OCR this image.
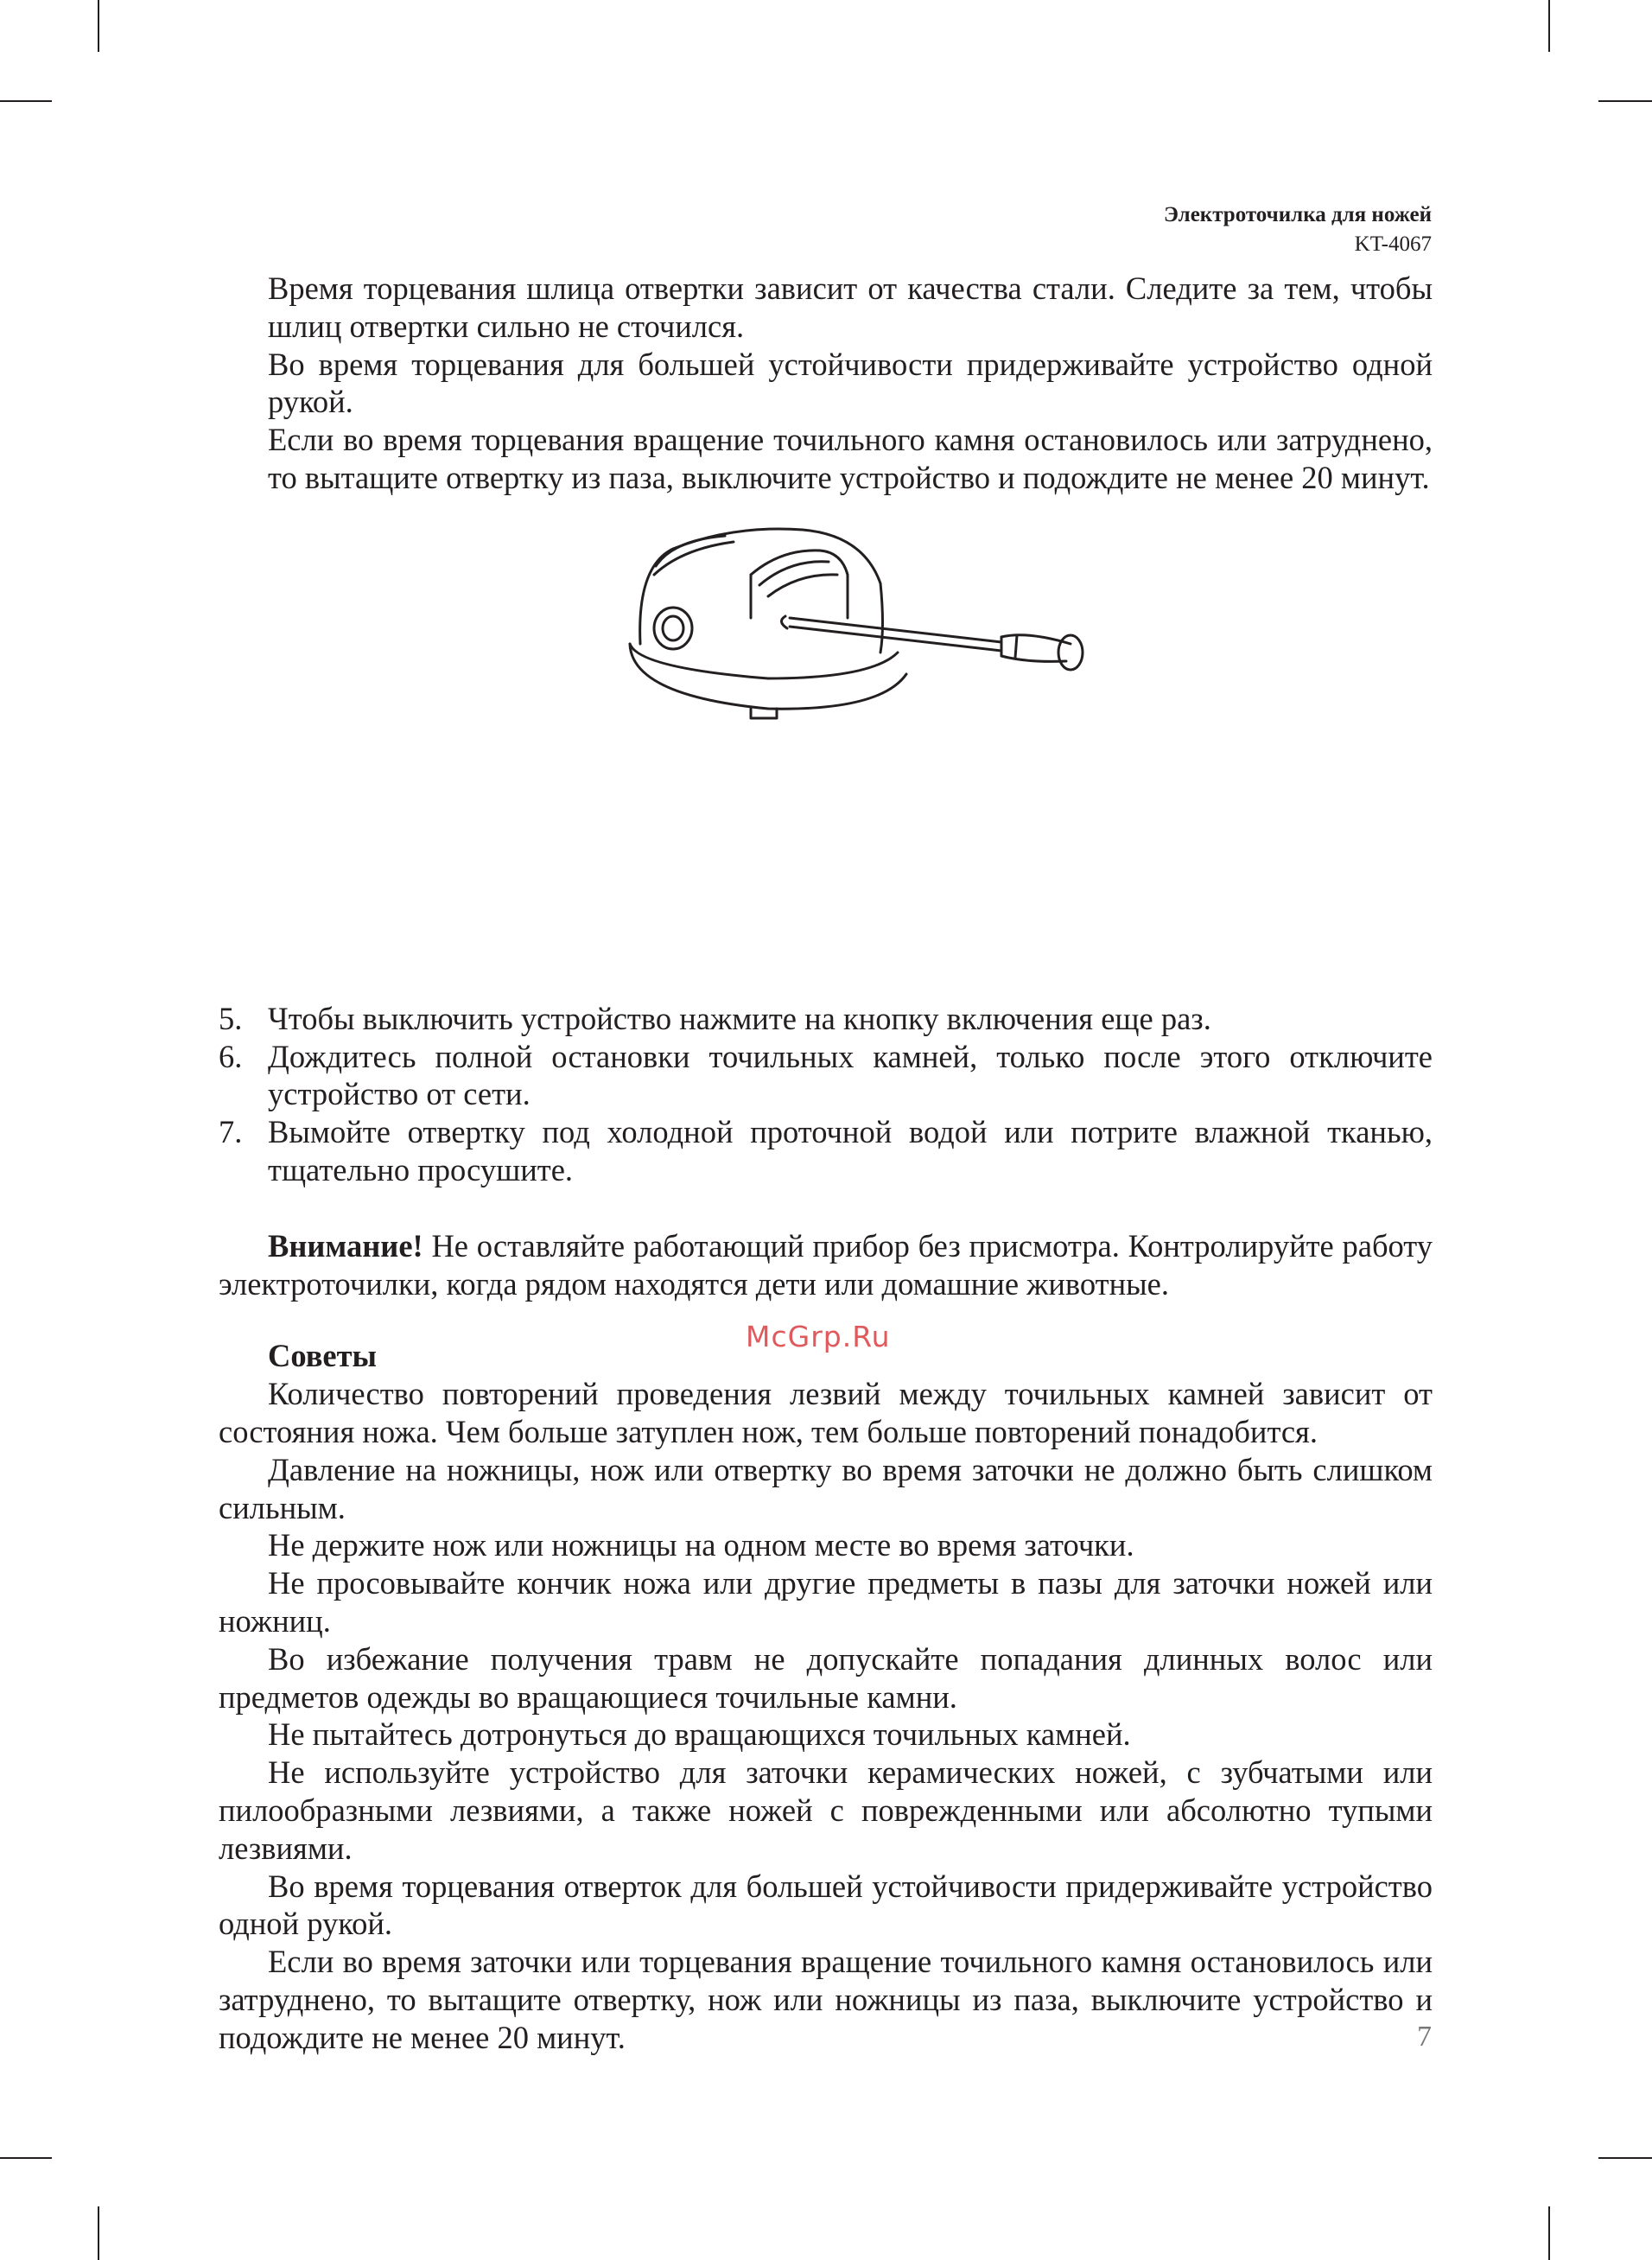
Электроточилка для ножей
KT-4067

Время торцевания шлица отвертки зависит от качества стали. Следите за тем, чтобы шлиц отвертки сильно не сточился.

Во время торцевания для большей устойчивости придерживайте устройство одной рукой.

Если во время торцевания вращение точильного камня остановилось или затруднено, то вытащите отвертку из паза, выключите устройство и подождите не менее 20 минут.

5. Чтобы выключить устройство нажмите на кнопку включения еще раз.
6. Дождитесь полной остановки точильных камней, только после этого отключите устройство от сети.
7. Вымойте отвертку под холодной проточной водой или потрите влажной тканью, тщательно просушите.

Внимание! Не оставляйте работающий прибор без присмотра. Контролируйте работу электроточилки, когда рядом находятся дети или домашние животные.

Советы

McGrp.Ru

Количество повторений проведения лезвий между точильных камней зависит от состояния ножа. Чем больше затуплен нож, тем больше повторений понадобится.

Давление на ножницы, нож или отвертку во время заточки не должно быть слишком сильным.

Не держите нож или ножницы на одном месте во время заточки.

Не просовывайте кончик ножа или другие предметы в пазы для заточки ножей или ножниц.

Во избежание получения травм не допускайте попадания длинных волос или предметов одежды во вращающиеся точильные камни.

Не пытайтесь дотронуться до вращающихся точильных камней.

Не используйте устройство для заточки керамических ножей, с зубчатыми или пилообразными лезвиями, а также ножей с поврежденными или абсолютно тупыми лезвиями.

Во время торцевания отверток для большей устойчивости придерживайте устройство одной рукой.

Если во время заточки или торцевания вращение точильного камня остановилось или затруднено, то вытащите отвертку, нож или ножницы из паза, выключите устройство и подождите не менее 20 минут.	7
